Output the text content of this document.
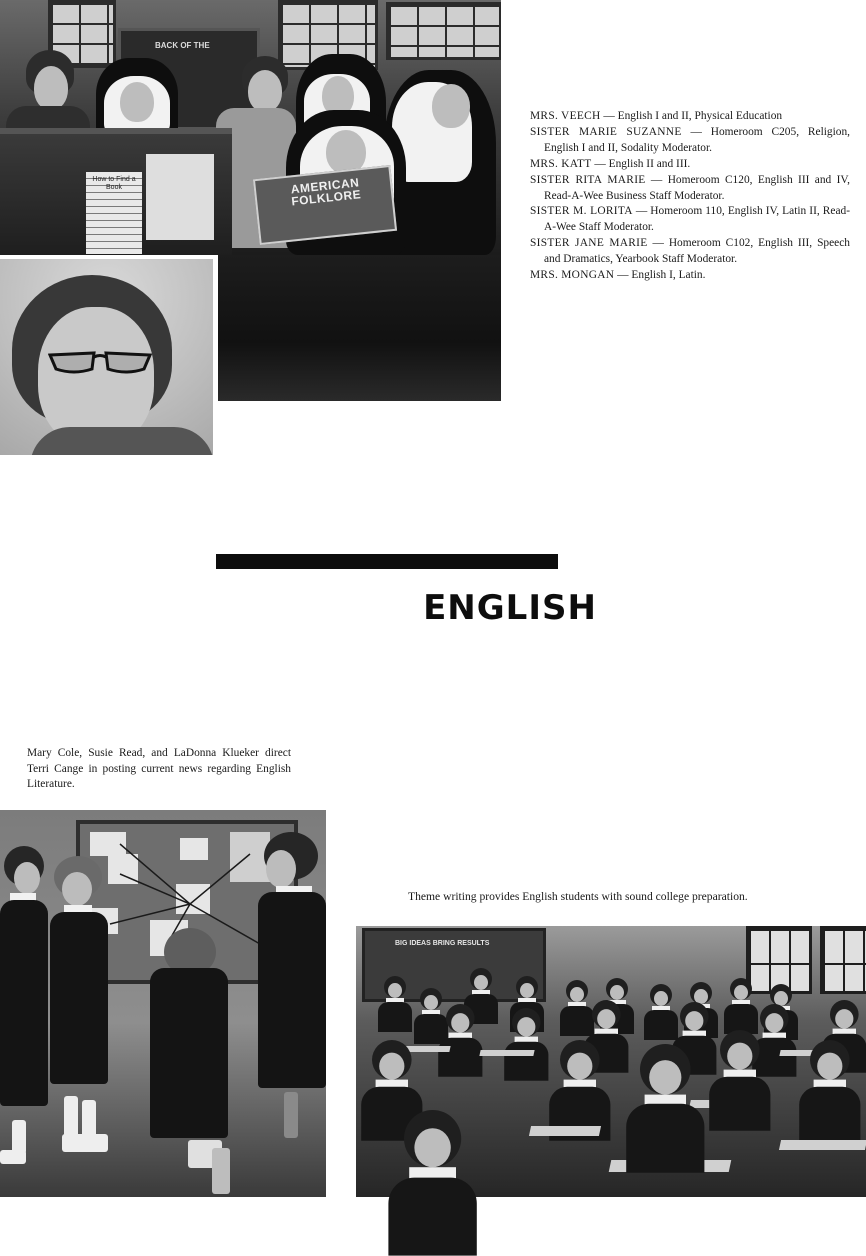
BACK OF THE
How to Find a Book	AMERICAN FOLKLORE

MRS. VEECH — English I and II, Physical Education

SISTER MARIE SUZANNE — Homeroom C205, Religion, English I and II, Sodality Moderator.

MRS. KATT — English II and III.

SISTER RITA MARIE — Homeroom C120, English III and IV, Read-A-Wee Business Staff Moderator.

SISTER M. LORITA — Homeroom 110, English IV, Latin II, Read-A-Wee Staff Moderator.

SISTER JANE MARIE — Homeroom C102, English III, Speech and Dramatics, Yearbook Staff Moderator.

MRS. MONGAN — English I, Latin.

ENGLISH
Mary Cole, Susie Read, and LaDonna Klueker direct Terri Cange in posting current news regarding English Literature.
Theme writing provides English students with sound college preparation.
BIG IDEAS BRING RESULTS
